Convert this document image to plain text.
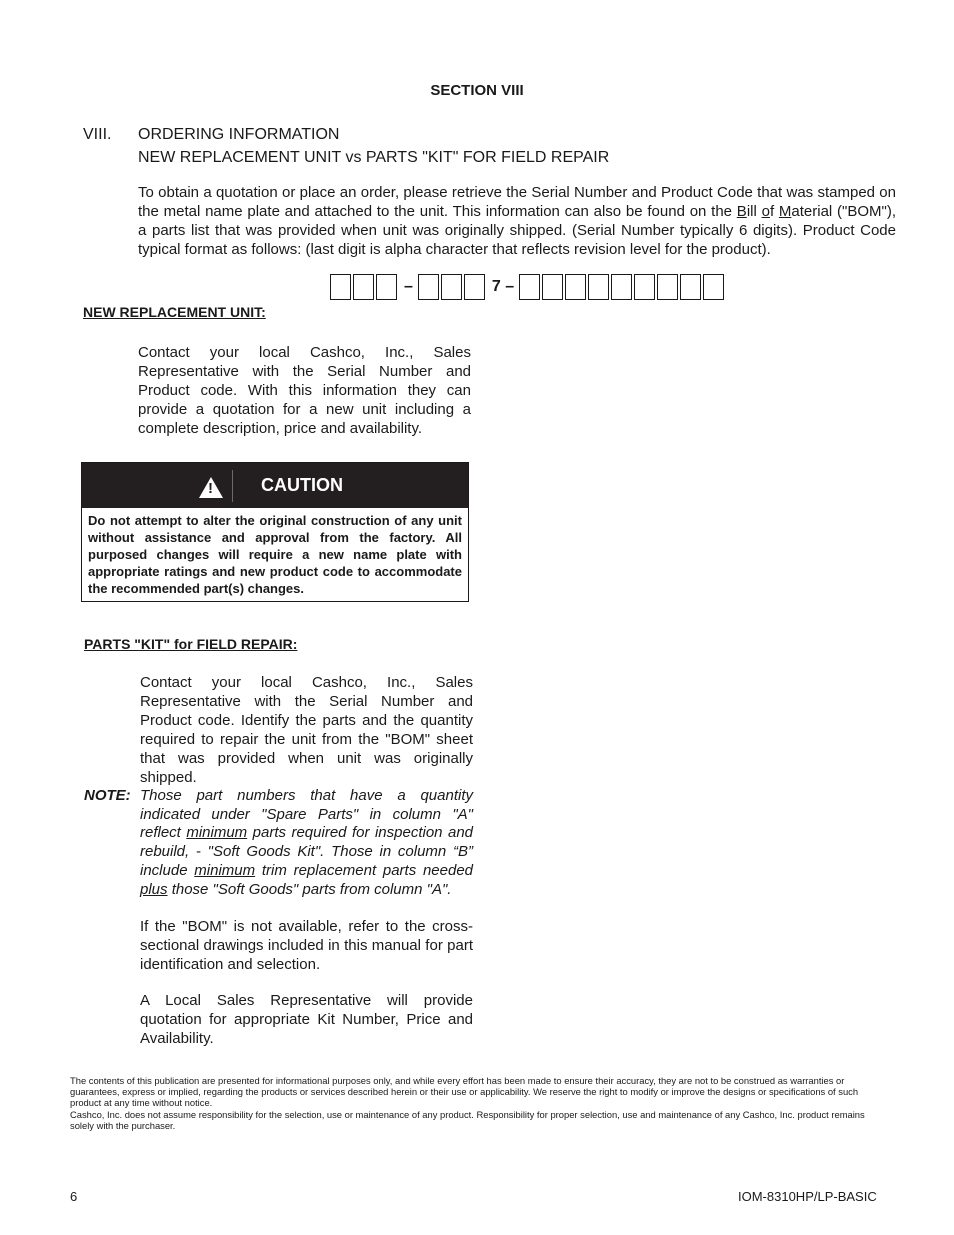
SECTION VIII
VIII. ORDERING INFORMATION
NEW REPLACEMENT UNIT vs PARTS "KIT" FOR FIELD REPAIR
To obtain a quotation or place an order, please retrieve the Serial Number and Product Code that was stamped on the metal name plate and attached to the unit. This information can also be found on the Bill of Material ("BOM"), a parts list that was provided when unit was originally shipped. (Serial Number typically 6 digits). Product Code typical format as follows: (last digit is alpha character that reflects revision level for the product).
–	7 –
NEW REPLACEMENT UNIT:
Contact your local Cashco, Inc., Sales Representative with the Serial Number and Product code. With this information they can provide a quotation for a new unit including a complete description, price and availability.
!
CAUTION
Do not attempt to alter the original construction of any unit without assistance and approval from the factory. All purposed changes will require a new name plate with appropriate ratings and new product code to accommodate the recommended part(s) changes.
PARTS "KIT" for FIELD REPAIR:
Contact your local Cashco, Inc., Sales Representative with the Serial Number and Product code. Identify the parts and the quantity required to repair the unit from the "BOM" sheet that was provided when unit was originally shipped.
NOTE: Those part numbers that have a quantity indicated under "Spare Parts" in column "A" reflect minimum parts required for inspection and rebuild, - "Soft Goods Kit". Those in column “B” include minimum trim replacement parts needed plus those "Soft Goods" parts from column "A".
If the "BOM" is not available, refer to the cross-sectional drawings included in this manual for part identification and selection.
A Local Sales Representative will provide quotation for appropriate Kit Number, Price and Availability.
The contents of this publication are presented for informational purposes only, and while every effort has been made to ensure their accuracy, they are not to be construed as warranties or guarantees, express or implied, regarding the products or services described herein or their use or applicability. We reserve the right to modify or improve the designs or specifications of such product at any time without notice.
Cashco, Inc. does not assume responsibility for the selection, use or maintenance of any product. Responsibility for proper selection, use and maintenance of any Cashco, Inc. product remains solely with the purchaser.
6	IOM-8310HP/LP-BASIC
